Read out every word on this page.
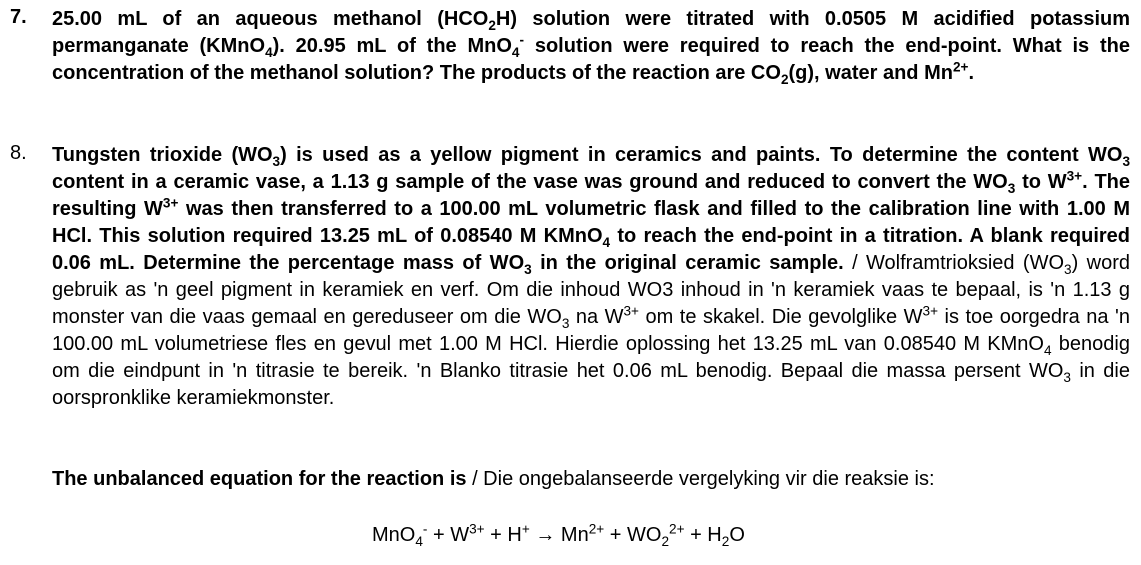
7.	25.00 mL of an aqueous methanol $(HCO_2H)$ solution were titrated with 0.0505 M acidified potassium permanganate (KMnO$_4$). 20.95 mL of the MnO$_4$- solution were required to reach the end-point. What is the concentration of the methanol solution? The products of the reaction are $CO_2(g)$, water and $Mn^{2+}$.
8.	Tungsten trioxide $(WO_3)$ is used as a yellow pigment in ceramics and paints. To determine the content $WO_3$ content in a ceramic vase, a 1.13 g sample of the vase was ground and reduced to convert the $WO_3$ to $W^{3+}$. The resulting $W^{3+}$ was then transferred to a 100.00 mL volumetric flask and filled to the calibration line with 1.00 M HCl. This solution required 13.25 mL of 0.08540 M KMnO$_4$ to reach the end-point in a titration. A blank required 0.06 mL. Determine the percentage mass of $WO_3$ in the original ceramic sample. / Wolframtrioksied $(WO_3)$ word gebruik as 'n geel pigment in keramiek en verf. Om die inhoud WO3 inhoud in 'n keramiek vaas te bepaal, is 'n 1.13 g monster van die vaas gemaal en gereduseer om die $WO_3$ na $W^{3+}$ om te skakel. Die gevolglike $W^{3+}$ is toe oorgedra na 'n 100.00 mL volumetriese fles en gevul met 1.00 M HCl. Hierdie oplossing het 13.25 mL van 0.08540 M KMnO$_4$ benodig om die eindpunt in 'n titrasie te bereik. 'n Blanko titrasie het 0.06 mL benodig. Bepaal die massa persent $WO_3$ in die oorspronklike keramiekmonster.
The unbalanced equation for the reaction is / Die ongebalanseerde vergelyking vir die reaksie is:
$MnO_4^- + W^{3+} + H^+ \to Mn^{2+} + WO_2^{2+} + H_2O$
